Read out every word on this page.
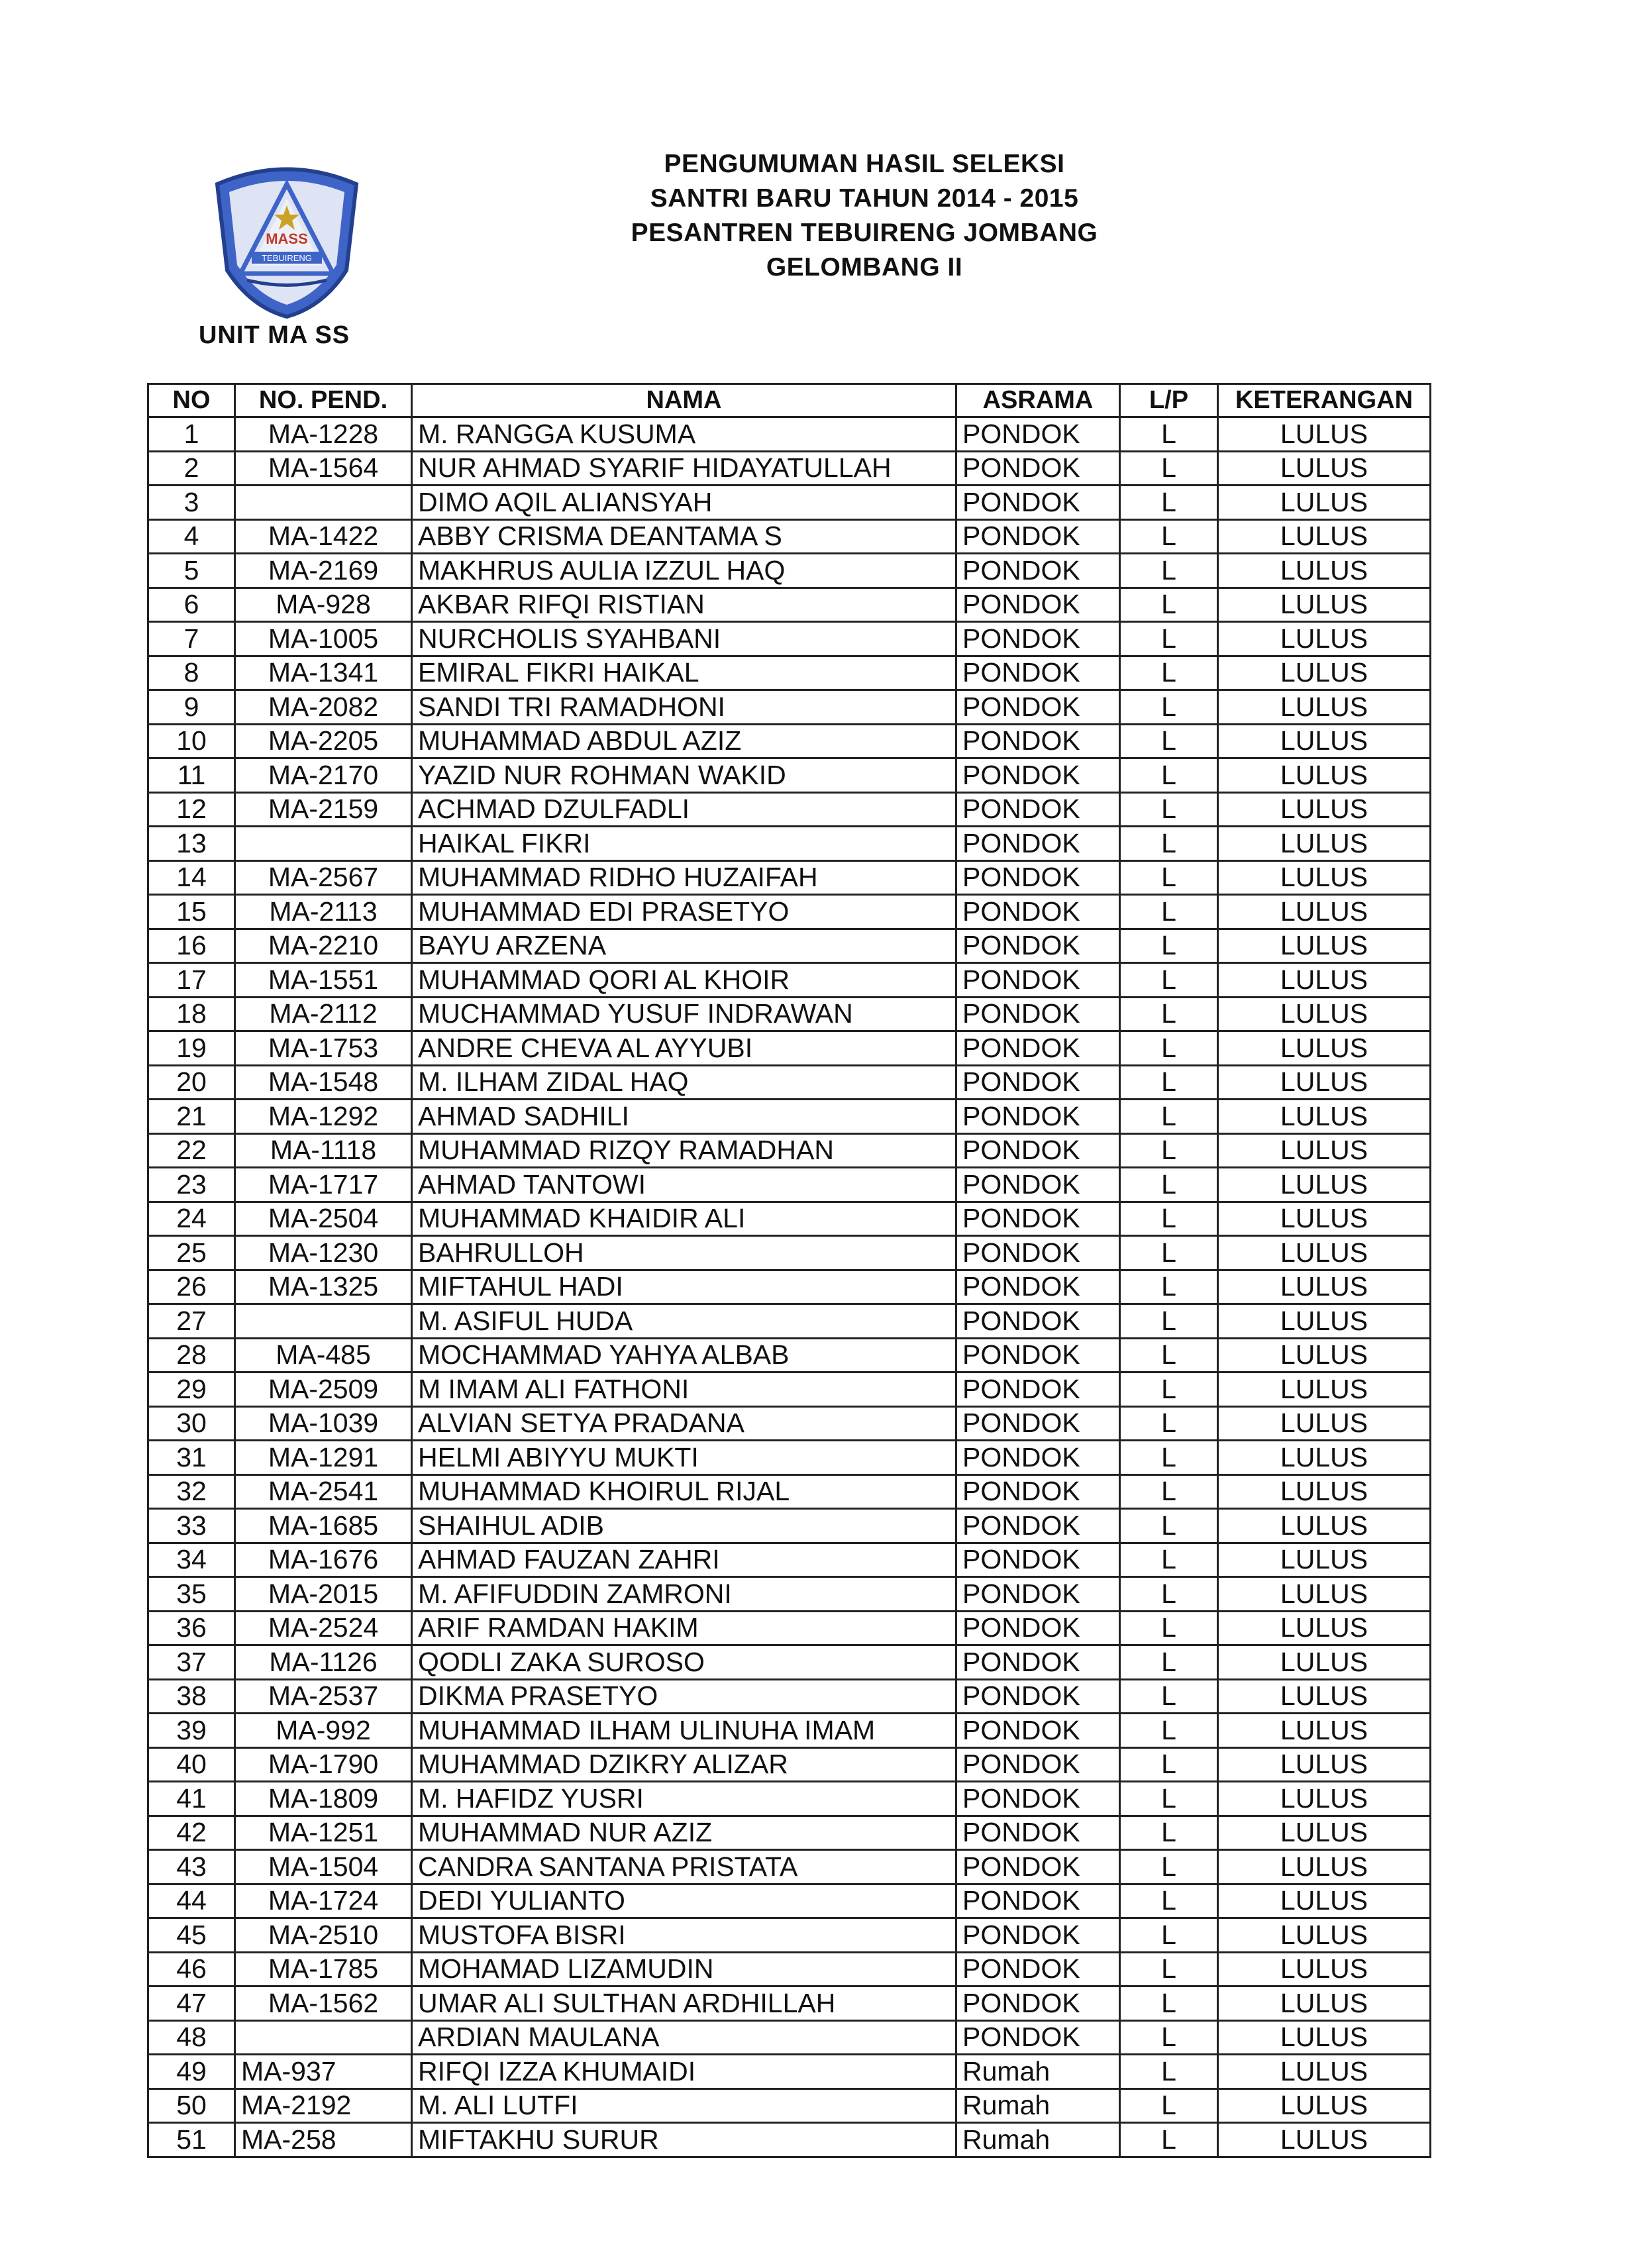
MASS
TEBUIRENG
UNIT MA SS
PENGUMUMAN HASIL SELEKSI
SANTRI BARU TAHUN 2014 - 2015
PESANTREN TEBUIRENG JOMBANG
GELOMBANG II
NO	NO. PEND.	NAMA	ASRAMA	L/P	KETERANGAN
1	MA-1228	M. RANGGA KUSUMA	PONDOK	L	LULUS
2	MA-1564	NUR AHMAD SYARIF HIDAYATULLAH	PONDOK	L	LULUS
3		DIMO AQIL ALIANSYAH	PONDOK	L	LULUS
4	MA-1422	ABBY CRISMA DEANTAMA S	PONDOK	L	LULUS
5	MA-2169	MAKHRUS AULIA IZZUL HAQ	PONDOK	L	LULUS
6	MA-928	AKBAR RIFQI RISTIAN	PONDOK	L	LULUS
7	MA-1005	NURCHOLIS SYAHBANI	PONDOK	L	LULUS
8	MA-1341	EMIRAL FIKRI HAIKAL	PONDOK	L	LULUS
9	MA-2082	SANDI TRI RAMADHONI	PONDOK	L	LULUS
10	MA-2205	MUHAMMAD ABDUL AZIZ	PONDOK	L	LULUS
11	MA-2170	YAZID NUR ROHMAN WAKID	PONDOK	L	LULUS
12	MA-2159	ACHMAD DZULFADLI	PONDOK	L	LULUS
13		HAIKAL FIKRI	PONDOK	L	LULUS
14	MA-2567	MUHAMMAD RIDHO HUZAIFAH	PONDOK	L	LULUS
15	MA-2113	MUHAMMAD EDI PRASETYO	PONDOK	L	LULUS
16	MA-2210	BAYU ARZENA	PONDOK	L	LULUS
17	MA-1551	MUHAMMAD QORI AL KHOIR	PONDOK	L	LULUS
18	MA-2112	MUCHAMMAD YUSUF INDRAWAN	PONDOK	L	LULUS
19	MA-1753	ANDRE CHEVA AL AYYUBI	PONDOK	L	LULUS
20	MA-1548	M. ILHAM ZIDAL HAQ	PONDOK	L	LULUS
21	MA-1292	AHMAD SADHILI	PONDOK	L	LULUS
22	MA-1118	MUHAMMAD RIZQY RAMADHAN	PONDOK	L	LULUS
23	MA-1717	AHMAD TANTOWI	PONDOK	L	LULUS
24	MA-2504	MUHAMMAD KHAIDIR ALI	PONDOK	L	LULUS
25	MA-1230	BAHRULLOH	PONDOK	L	LULUS
26	MA-1325	MIFTAHUL HADI	PONDOK	L	LULUS
27		M. ASIFUL HUDA	PONDOK	L	LULUS
28	MA-485	MOCHAMMAD YAHYA ALBAB	PONDOK	L	LULUS
29	MA-2509	M IMAM ALI FATHONI	PONDOK	L	LULUS
30	MA-1039	ALVIAN SETYA PRADANA	PONDOK	L	LULUS
31	MA-1291	HELMI ABIYYU MUKTI	PONDOK	L	LULUS
32	MA-2541	MUHAMMAD KHOIRUL RIJAL	PONDOK	L	LULUS
33	MA-1685	SHAIHUL ADIB	PONDOK	L	LULUS
34	MA-1676	AHMAD FAUZAN ZAHRI	PONDOK	L	LULUS
35	MA-2015	M. AFIFUDDIN ZAMRONI	PONDOK	L	LULUS
36	MA-2524	ARIF RAMDAN HAKIM	PONDOK	L	LULUS
37	MA-1126	QODLI ZAKA SUROSO	PONDOK	L	LULUS
38	MA-2537	DIKMA PRASETYO	PONDOK	L	LULUS
39	MA-992	MUHAMMAD ILHAM ULINUHA IMAM	PONDOK	L	LULUS
40	MA-1790	MUHAMMAD DZIKRY ALIZAR	PONDOK	L	LULUS
41	MA-1809	M. HAFIDZ YUSRI	PONDOK	L	LULUS
42	MA-1251	MUHAMMAD NUR AZIZ	PONDOK	L	LULUS
43	MA-1504	CANDRA SANTANA PRISTATA	PONDOK	L	LULUS
44	MA-1724	DEDI YULIANTO	PONDOK	L	LULUS
45	MA-2510	MUSTOFA BISRI	PONDOK	L	LULUS
46	MA-1785	MOHAMAD LIZAMUDIN	PONDOK	L	LULUS
47	MA-1562	UMAR ALI SULTHAN ARDHILLAH	PONDOK	L	LULUS
48		ARDIAN MAULANA	PONDOK	L	LULUS
49	MA-937	RIFQI IZZA KHUMAIDI	Rumah	L	LULUS
50	MA-2192	M. ALI LUTFI	Rumah	L	LULUS
51	MA-258	MIFTAKHU SURUR	Rumah	L	LULUS
